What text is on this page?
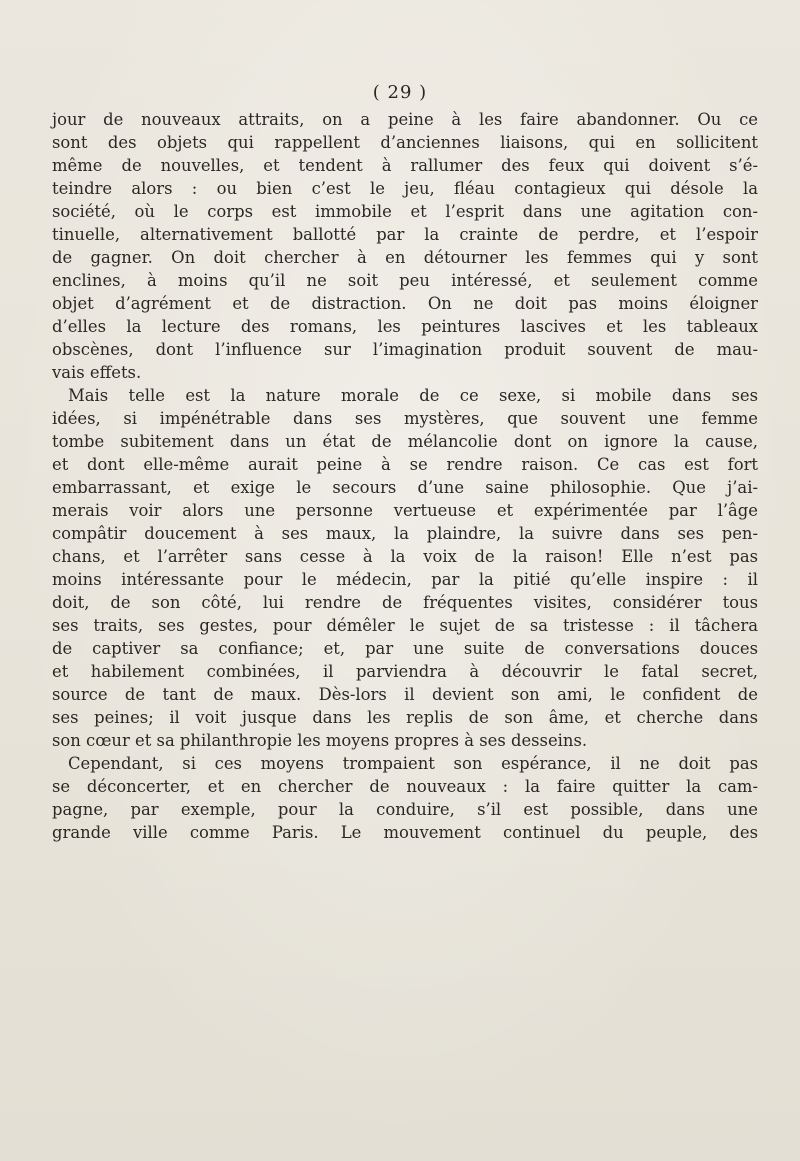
( 29 )
jour de nouveaux attraits, on a peine à les faire abandonner. Ou ce
sont des objets qui rappellent d’anciennes liaisons, qui en sollicitent
même de nouvelles, et tendent à rallumer des feux qui doivent s’é-
teindre alors : ou bien c’est le jeu, fléau contagieux qui désole la
société, où le corps est immobile et l’esprit dans une agitation con-
tinuelle, alternativement ballotté par la crainte de perdre, et l’espoir
de gagner. On doit chercher à en détourner les femmes qui y sont
enclines, à moins qu’il ne soit peu intéressé, et seulement comme
objet d’agrément et de distraction. On ne doit pas moins éloigner
d’elles la lecture des romans, les peintures lascives et les tableaux
obscènes, dont l’influence sur l’imagination produit souvent de mau-
vais effets.
Mais telle est la nature morale de ce sexe, si mobile dans ses
idées, si impénétrable dans ses mystères, que souvent une femme
tombe subitement dans un état de mélancolie dont on ignore la cause,
et dont elle-même aurait peine à se rendre raison. Ce cas est fort
embarrassant, et exige le secours d’une saine philosophie. Que j’ai-
merais voir alors une personne vertueuse et expérimentée par l’âge
compâtir doucement à ses maux, la plaindre, la suivre dans ses pen-
chans, et l’arrêter sans cesse à la voix de la raison! Elle n’est pas
moins intéressante pour le médecin, par la pitié qu’elle inspire : il
doit, de son côté, lui rendre de fréquentes visites, considérer tous
ses traits, ses gestes, pour démêler le sujet de sa tristesse : il tâchera
de captiver sa confiance; et, par une suite de conversations douces
et habilement combinées, il parviendra à découvrir le fatal secret,
source de tant de maux. Dès-lors il devient son ami, le confident de
ses peines; il voit jusque dans les replis de son âme, et cherche dans
son cœur et sa philanthropie les moyens propres à ses desseins.
Cependant, si ces moyens trompaient son espérance, il ne doit pas
se déconcerter, et en chercher de nouveaux : la faire quitter la cam-
pagne, par exemple, pour la conduire, s’il est possible, dans une
grande ville comme Paris. Le mouvement continuel du peuple, des
